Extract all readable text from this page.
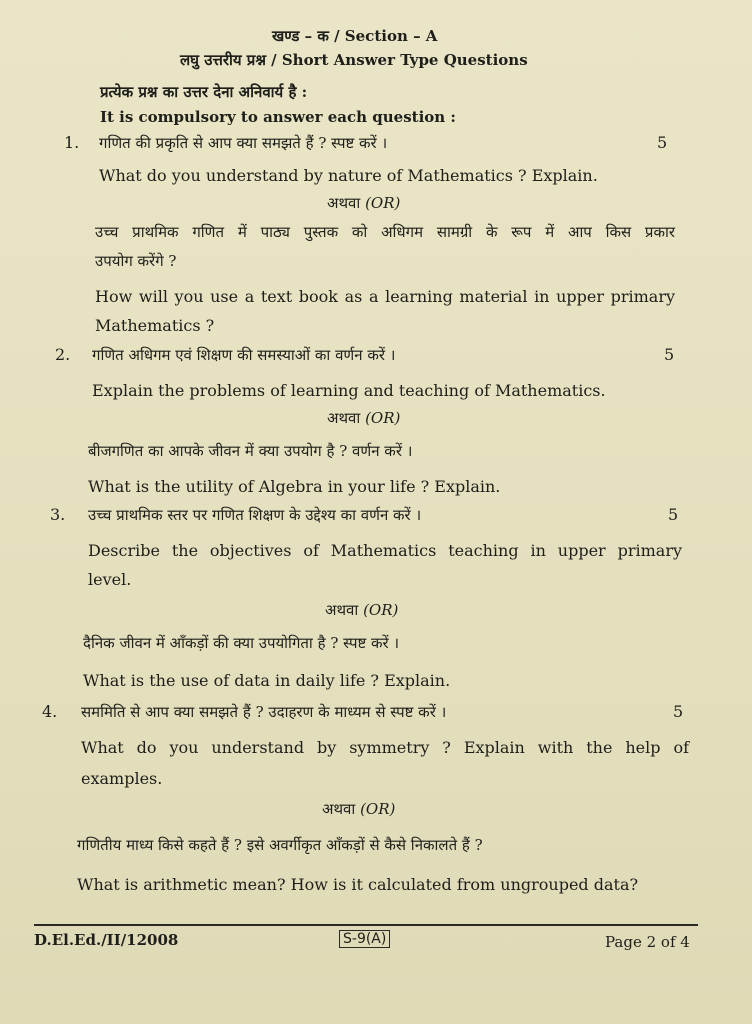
खण्ड – क / Section – A
लघु उत्तरीय प्रश्न / Short Answer Type Questions
प्रत्येक प्रश्न का उत्तर देना अनिवार्य है :
It is compulsory to answer each question :
1. गणित की प्रकृति से आप क्या समझते हैं ? स्पष्ट करें ।	5
What do you understand by nature of Mathematics ? Explain.
अथवा (OR)
उच्च प्राथमिक गणित में पाठ्य पुस्तक को अधिगम सामग्री के रूप में आप किस प्रकार
उपयोग करेंगे ?
How will you use a text book as a learning material in upper primary
Mathematics ?
2. गणित अधिगम एवं शिक्षण की समस्याओं का वर्णन करें ।	5
Explain the problems of learning and teaching of Mathematics.
अथवा (OR)
बीजगणित का आपके जीवन में क्या उपयोग है ? वर्णन करें ।
What is the utility of Algebra in your life ? Explain.
3. उच्च प्राथमिक स्तर पर गणित शिक्षण के उद्देश्य का वर्णन करें ।	5
Describe the objectives of Mathematics teaching in upper primary
level.
अथवा (OR)
दैनिक जीवन में आँकड़ों की क्या उपयोगिता है ? स्पष्ट करें ।
What is the use of data in daily life ? Explain.
4. सममिति से आप क्या समझते हैं ? उदाहरण के माध्यम से स्पष्ट करें ।	5
What do you understand by symmetry ? Explain with the help of
examples.
अथवा (OR)
गणितीय माध्य किसे कहते हैं ? इसे अवर्गीकृत आँकड़ों से कैसे निकालते हैं ?
What is arithmetic mean? How is it calculated from ungrouped data?
D.El.Ed./II/12008	S-9(A)	Page 2 of 4
